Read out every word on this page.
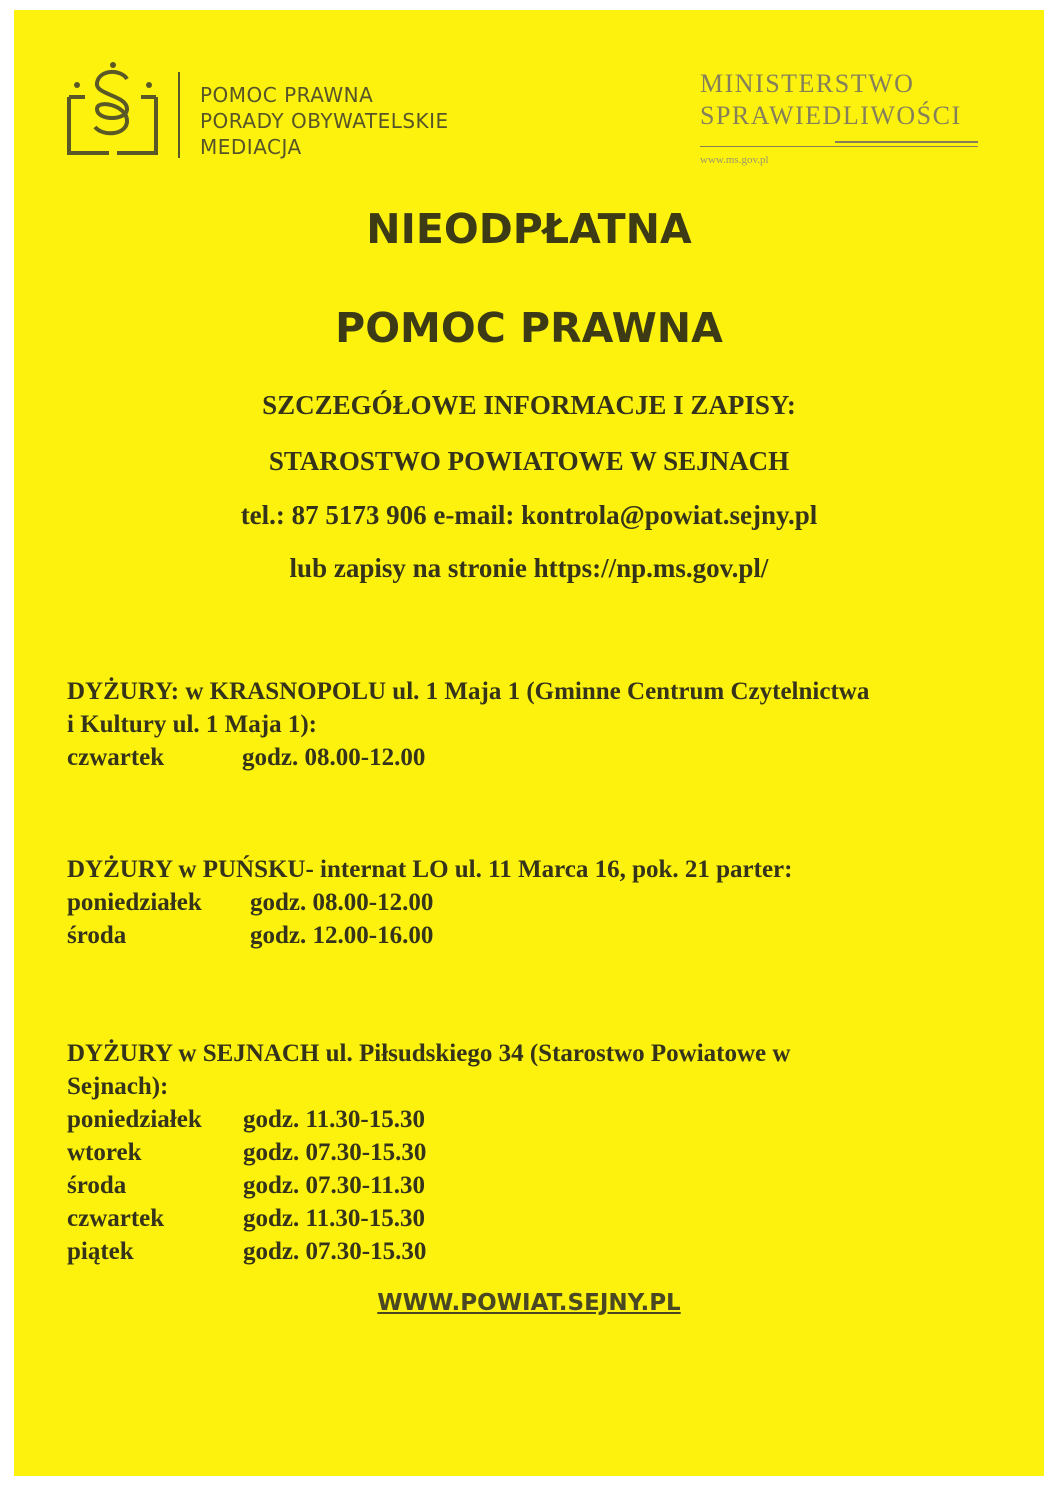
POMOC PRAWNA
PORADY OBYWATELSKIE
MEDIACJA
MINISTERSTWO
SPRAWIEDLIWOŚCI
www.ms.gov.pl
NIEODPŁATNA
POMOC PRAWNA
SZCZEGÓŁOWE INFORMACJE I ZAPISY:
STAROSTWO POWIATOWE W SEJNACH
tel.: 87 5173 906 e-mail: kontrola@powiat.sejny.pl
lub zapisy na stronie https://np.ms.gov.pl/
DYŻURY: w KRASNOPOLU ul. 1 Maja 1 (Gminne Centrum Czytelnictwa
i Kultury ul. 1 Maja 1):
czwartek	godz. 08.00-12.00
DYŻURY w PUŃSKU- internat LO ul. 11 Marca 16, pok. 21 parter:
poniedziałek godz. 08.00-12.00
środa	godz. 12.00-16.00
DYŻURY w SEJNACH ul. Piłsudskiego 34 (Starostwo Powiatowe w
Sejnach):
poniedziałek godz. 11.30-15.30
wtorek	godz. 07.30-15.30
środa	godz. 07.30-11.30
czwartek	godz. 11.30-15.30
piątek	godz. 07.30-15.30
WWW.POWIAT.SEJNY.PL
